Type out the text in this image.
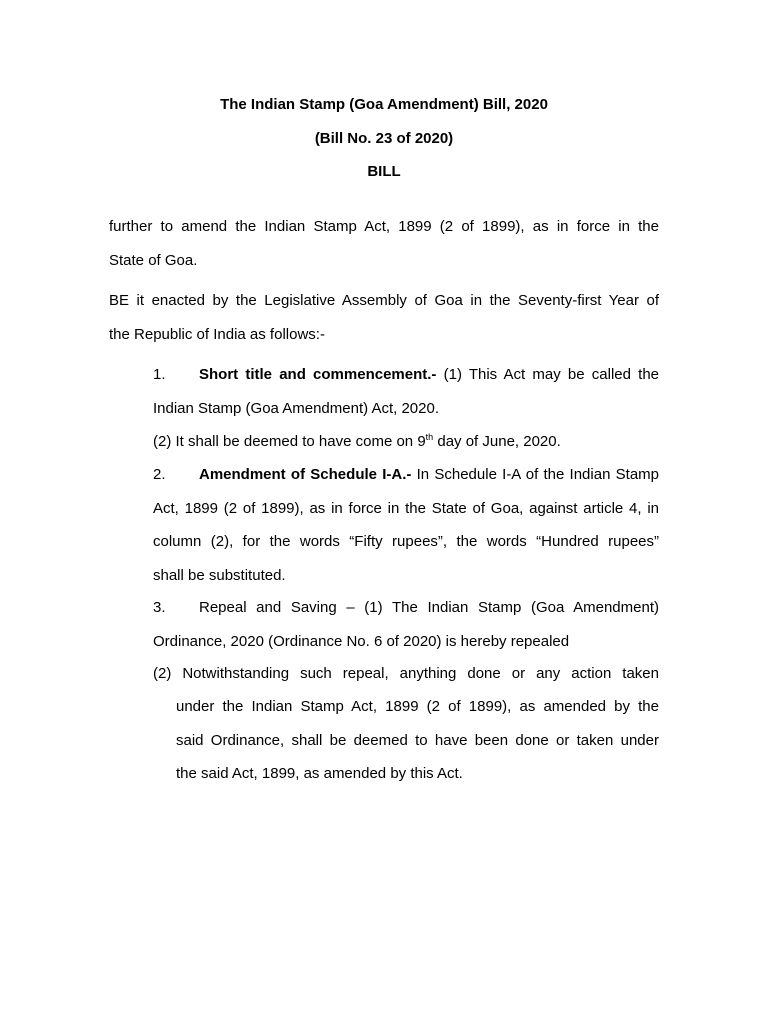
The Indian Stamp (Goa Amendment) Bill, 2020
(Bill No. 23 of 2020)
BILL
further to amend the Indian Stamp Act, 1899 (2 of 1899), as in force in the
State of Goa.
BE it enacted by the Legislative Assembly of Goa in the Seventy-first Year of
the Republic of India as follows:-
1. Short title and commencement.- (1) This Act may be called the
Indian Stamp (Goa Amendment) Act, 2020.
(2) It shall be deemed to have come on 9th day of June, 2020.
2. Amendment of Schedule I-A.- In Schedule I-A of the Indian Stamp
Act, 1899 (2 of 1899), as in force in the State of Goa, against article 4, in
column (2), for the words “Fifty rupees”, the words “Hundred rupees”
shall be substituted.
3. Repeal and Saving – (1) The Indian Stamp (Goa Amendment)
Ordinance, 2020 (Ordinance No. 6 of 2020) is hereby repealed
(2) Notwithstanding such repeal, anything done or any action taken
under the Indian Stamp Act, 1899 (2 of 1899), as amended by the
said Ordinance, shall be deemed to have been done or taken under
the said Act, 1899, as amended by this Act.
